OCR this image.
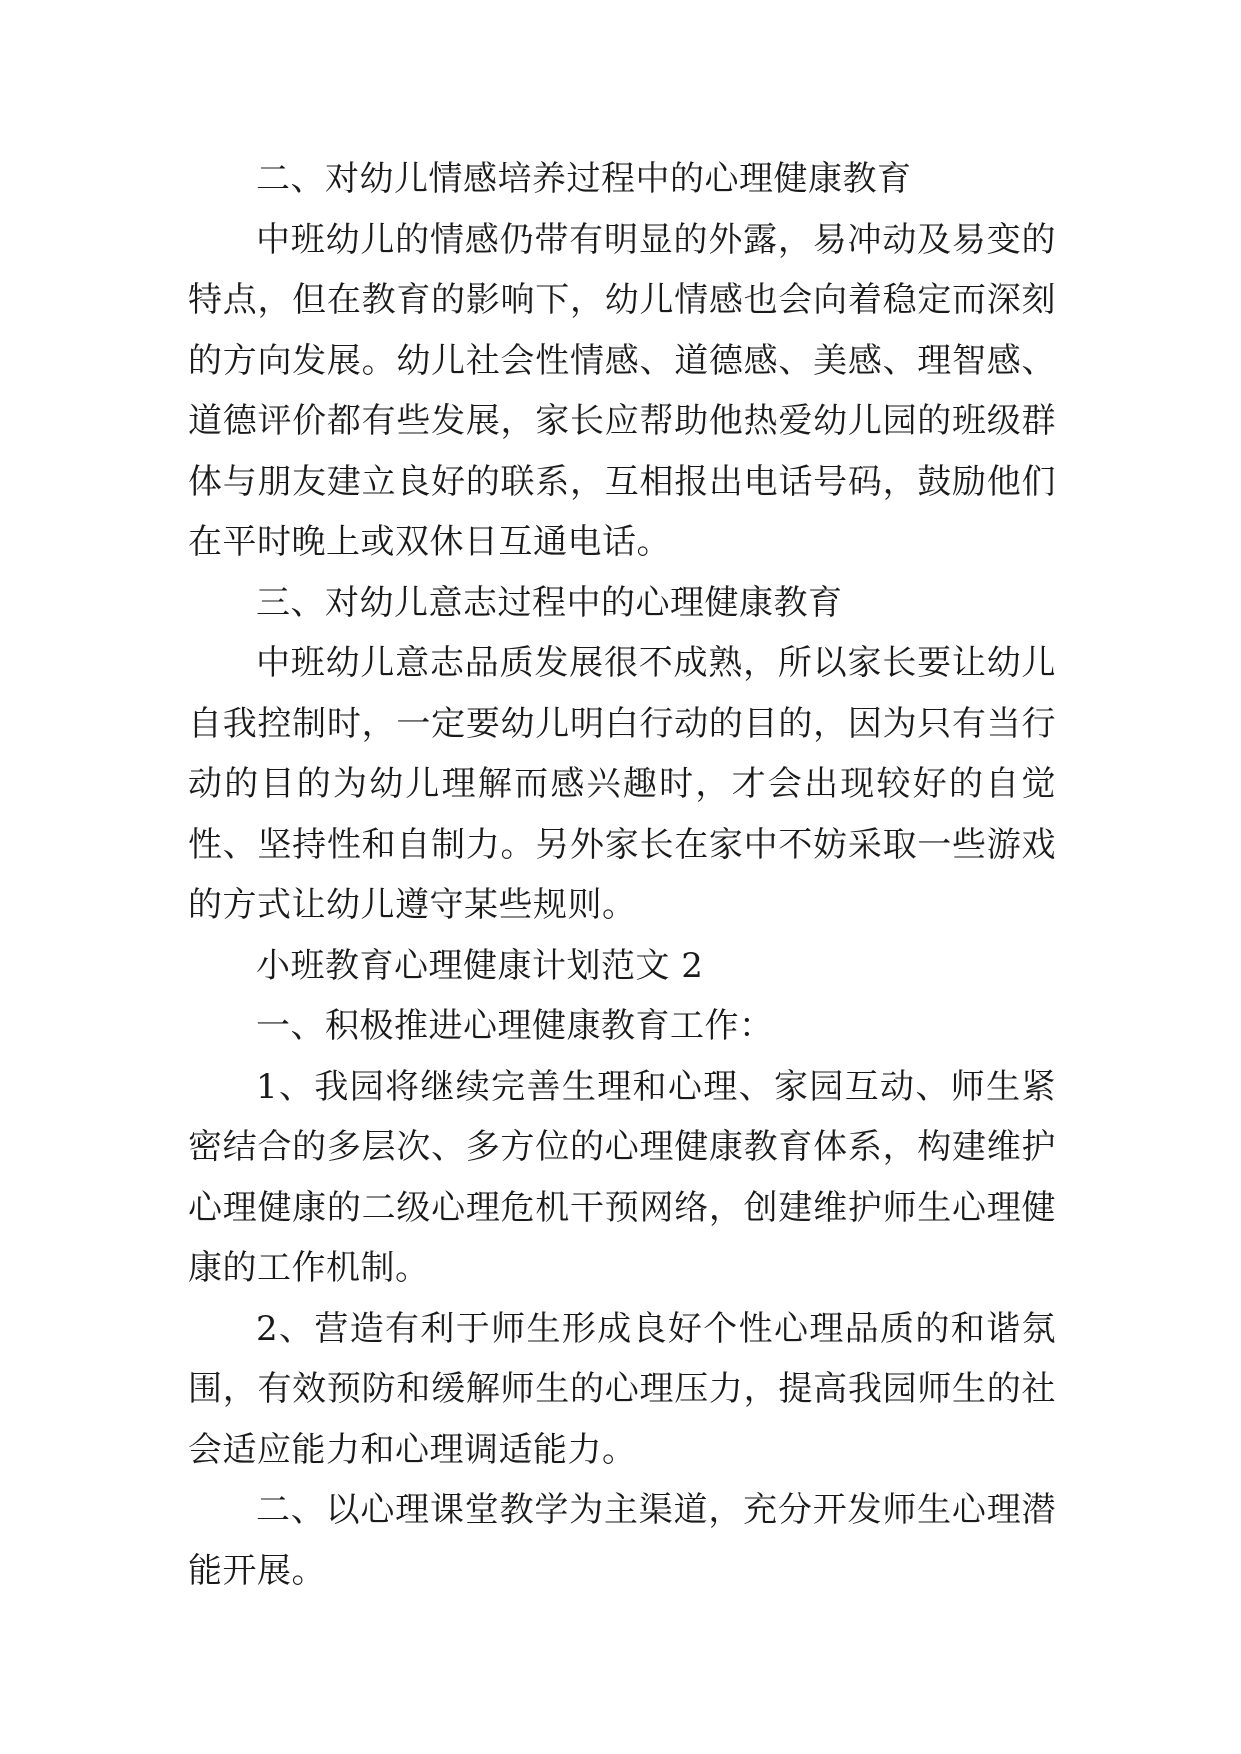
二、对幼儿情感培养过程中的心理健康教育

中班幼儿的情感仍带有明显的外露，易冲动及易变的特点，但在教育的影响下，幼儿情感也会向着稳定而深刻的方向发展。幼儿社会性情感、道德感、美感、理智感、道德评价都有些发展，家长应帮助他热爱幼儿园的班级群体与朋友建立良好的联系，互相报出电话号码，鼓励他们在平时晚上或双休日互通电话。

三、对幼儿意志过程中的心理健康教育

中班幼儿意志品质发展很不成熟，所以家长要让幼儿自我控制时，一定要幼儿明白行动的目的，因为只有当行动的目的为幼儿理解而感兴趣时，才会出现较好的自觉性、坚持性和自制力。另外家长在家中不妨采取一些游戏的方式让幼儿遵守某些规则。

小班教育心理健康计划范文 2

一、积极推进心理健康教育工作：

1、我园将继续完善生理和心理、家园互动、师生紧密结合的多层次、多方位的心理健康教育体系，构建维护心理健康的二级心理危机干预网络，创建维护师生心理健康的工作机制。

2、营造有利于师生形成良好个性心理品质的和谐氛围，有效预防和缓解师生的心理压力，提高我园师生的社会适应能力和心理调适能力。

二、以心理课堂教学为主渠道，充分开发师生心理潜能开展。
